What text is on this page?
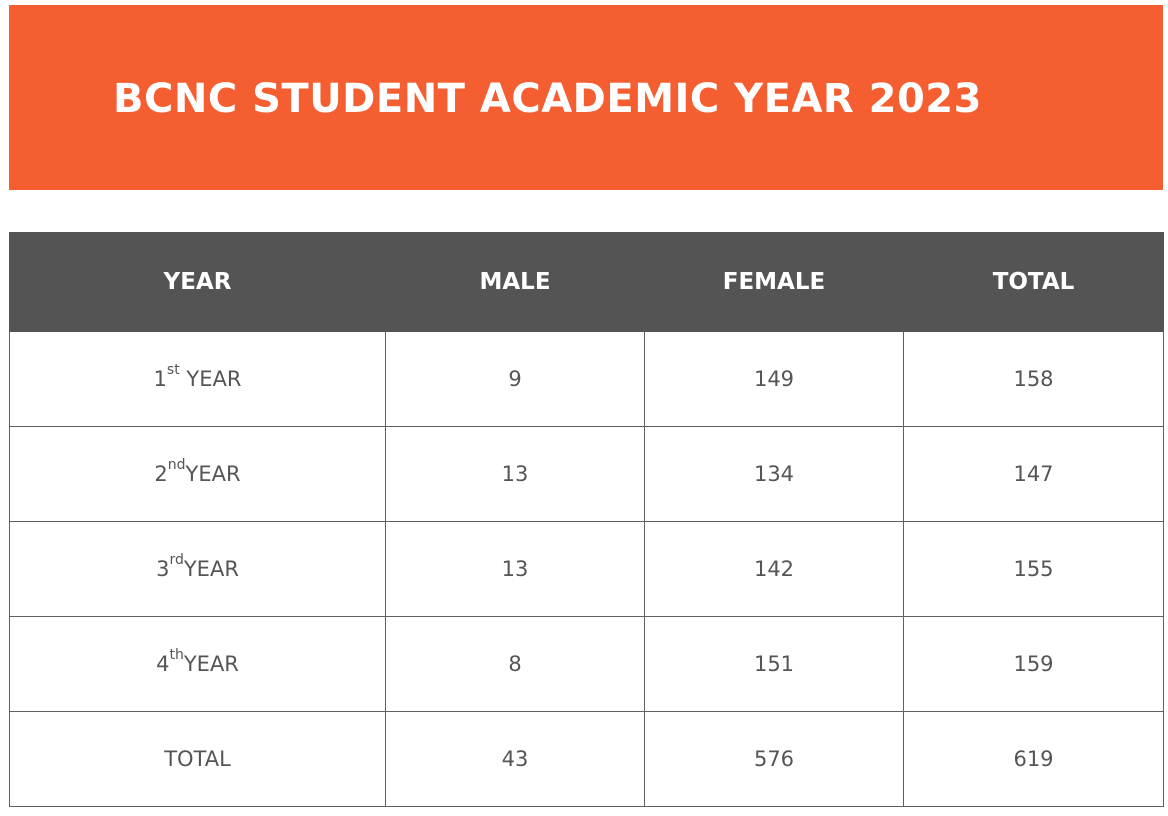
BCNC STUDENT ACADEMIC YEAR 2023
YEAR	MALE	FEMALE	TOTAL
1st YEAR	9	149	158
2ndYEAR	13	134	147
3rdYEAR	13	142	155
4thYEAR	8	151	159
TOTAL	43	576	619
